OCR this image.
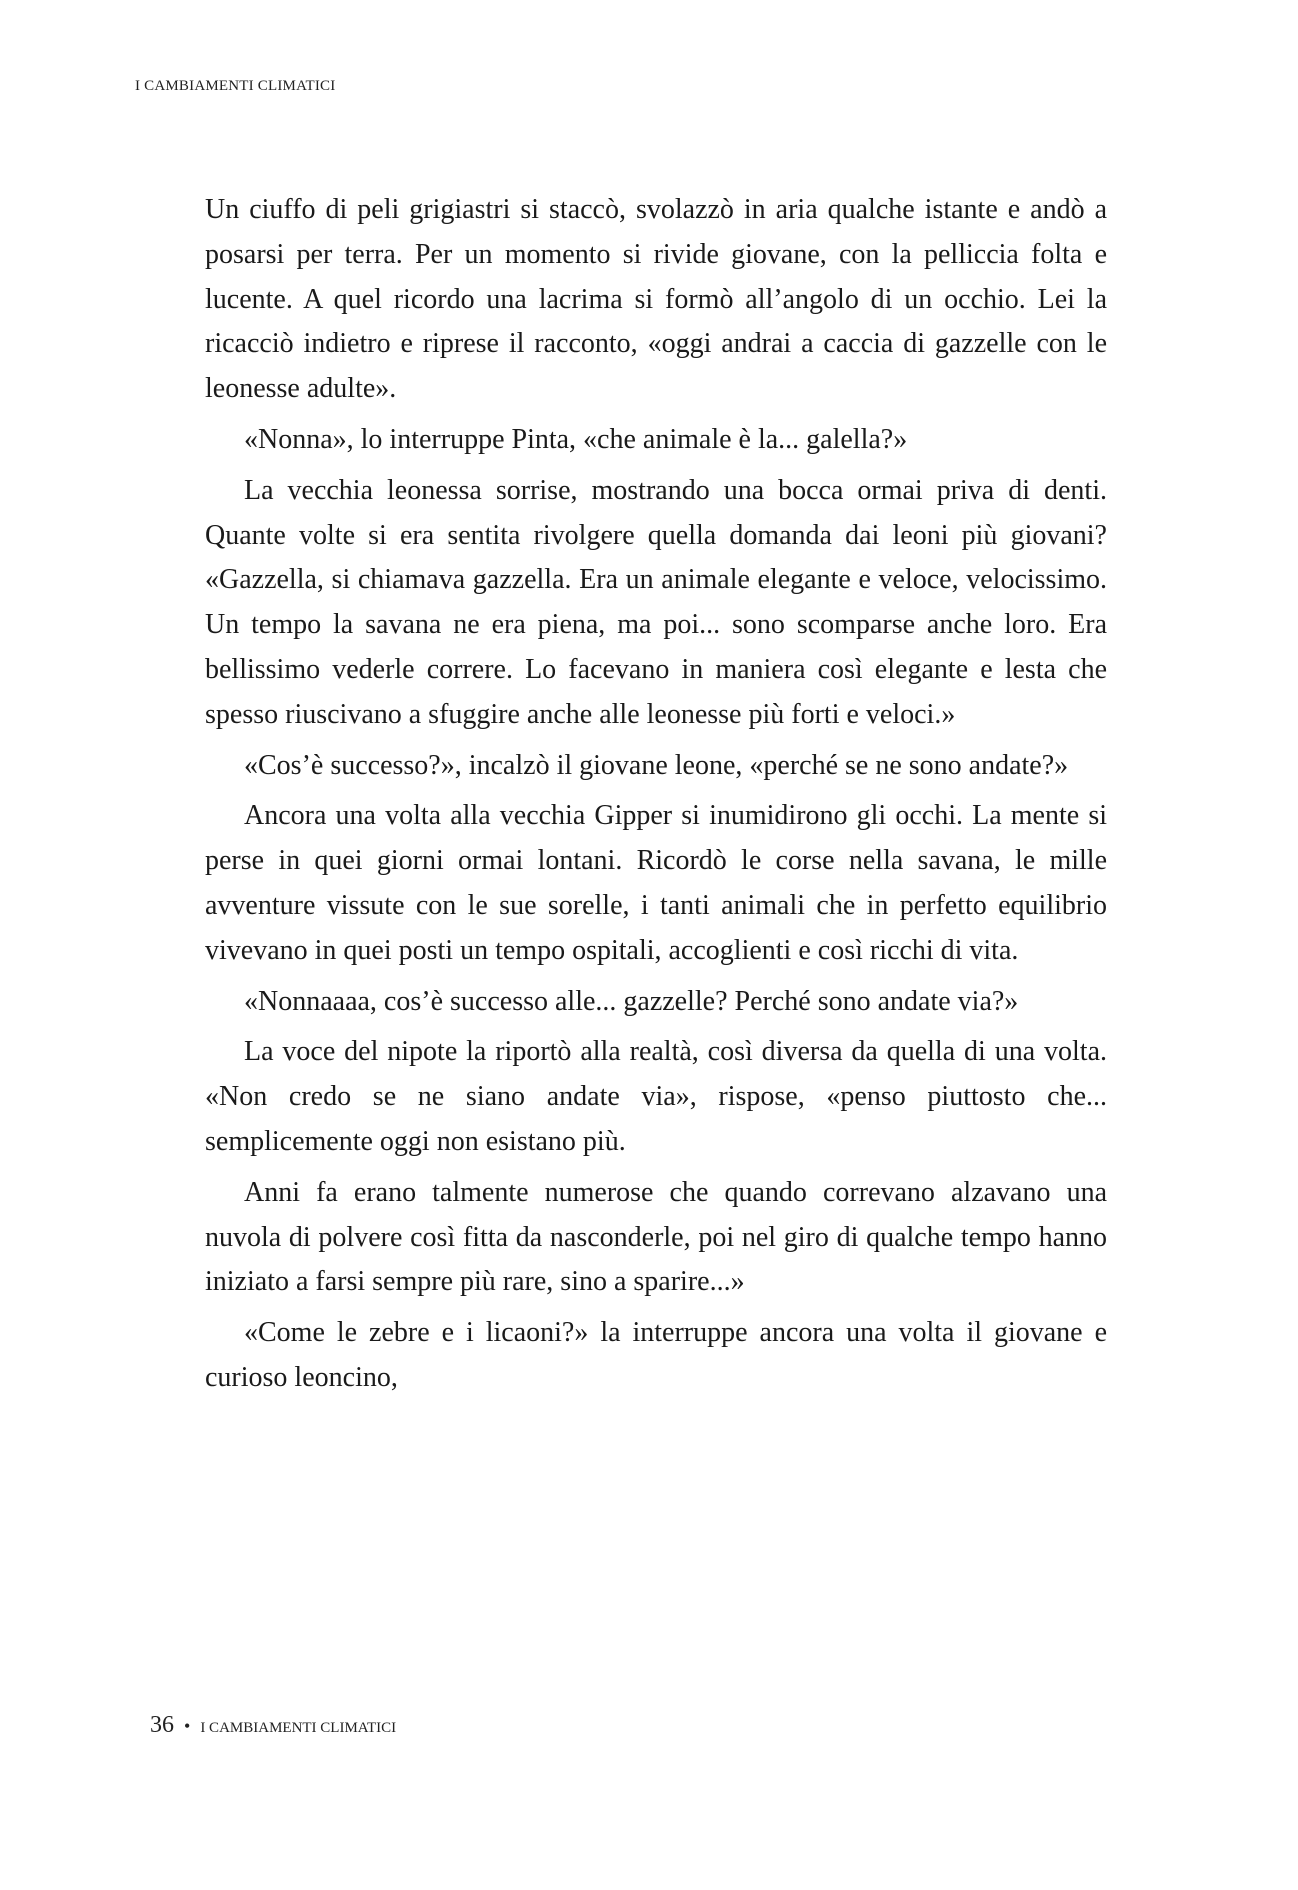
I CAMBIAMENTI CLIMATICI

Un ciuffo di peli grigiastri si staccò, svolazzò in aria qualche istante e andò a posarsi per terra. Per un momento si rivide giovane, con la pelliccia folta e lucente. A quel ricordo una lacrima si formò all’angolo di un occhio. Lei la ricacciò indietro e riprese il racconto, «oggi andrai a caccia di gazzelle con le leonesse adulte».

«Nonna», lo interruppe Pinta, «che animale è la... galella?»

La vecchia leonessa sorrise, mostrando una bocca ormai priva di denti. Quante volte si era sentita rivolgere quella domanda dai leoni più giovani? «Gazzella, si chiamava gazzella. Era un animale elegante e veloce, velocissimo. Un tempo la savana ne era piena, ma poi... sono scomparse anche loro. Era bellissimo vederle correre. Lo facevano in maniera così elegante e lesta che spesso riuscivano a sfuggire anche alle leonesse più forti e veloci.»

«Cos’è successo?», incalzò il giovane leone, «perché se ne sono andate?»

Ancora una volta alla vecchia Gipper si inumidirono gli occhi. La mente si perse in quei giorni ormai lontani. Ricordò le corse nella savana, le mille avventure vissute con le sue sorelle, i tanti animali che in perfetto equilibrio vivevano in quei posti un tempo ospitali, accoglienti e così ricchi di vita.

«Nonnaaaa, cos’è successo alle... gazzelle? Perché sono andate via?»

La voce del nipote la riportò alla realtà, così diversa da quella di una volta. «Non credo se ne siano andate via», rispose, «penso piuttosto che... semplicemente oggi non esistano più.

Anni fa erano talmente numerose che quando correvano alzavano una nuvola di polvere così fitta da nasconderle, poi nel giro di qualche tempo hanno iniziato a farsi sempre più rare, sino a sparire...»

«Come le zebre e i licaoni?» la interruppe ancora una volta il giovane e curioso leoncino,

36 • I CAMBIAMENTI CLIMATICI
